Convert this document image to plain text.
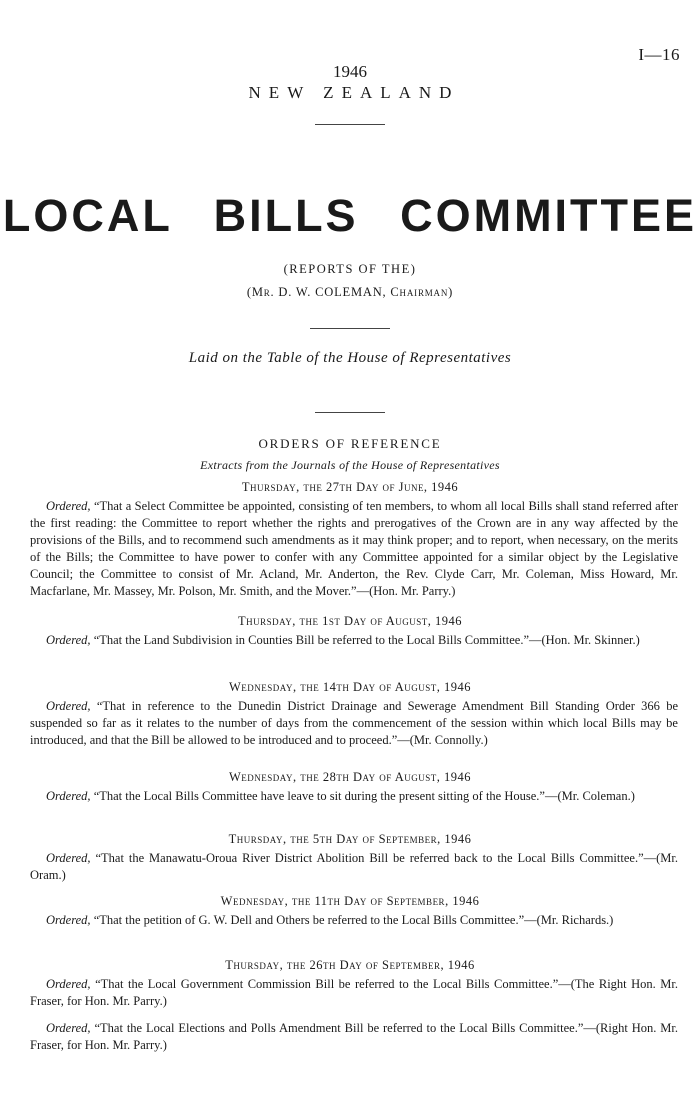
I—16
1946
NEW ZEALAND
LOCAL BILLS COMMITTEE
(REPORTS OF THE)
(Mr. D. W. COLEMAN, Chairman)
Laid on the Table of the House of Representatives
ORDERS OF REFERENCE
Extracts from the Journals of the House of Representatives
Thursday, the 27th Day of June, 1946

Ordered, “That a Select Committee be appointed, consisting of ten members, to whom all local Bills shall stand referred after the first reading: the Committee to report whether the rights and prerogatives of the Crown are in any way affected by the provisions of the Bills, and to recommend such amendments as it may think proper; and to report, when necessary, on the merits of the Bills; the Committee to have power to confer with any Committee appointed for a similar object by the Legislative Council; the Committee to consist of Mr. Acland, Mr. Anderton, the Rev. Clyde Carr, Mr. Coleman, Miss Howard, Mr. Macfarlane, Mr. Massey, Mr. Polson, Mr. Smith, and the Mover.”—(Hon. Mr. Parry.)

Thursday, the 1st Day of August, 1946

Ordered, “That the Land Subdivision in Counties Bill be referred to the Local Bills Committee.”—(Hon. Mr. Skinner.)

Wednesday, the 14th Day of August, 1946

Ordered, “That in reference to the Dunedin District Drainage and Sewerage Amendment Bill Standing Order 366 be suspended so far as it relates to the number of days from the commencement of the session within which local Bills may be introduced, and that the Bill be allowed to be introduced and to proceed.”—(Mr. Connolly.)

Wednesday, the 28th Day of August, 1946

Ordered, “That the Local Bills Committee have leave to sit during the present sitting of the House.”—(Mr. Coleman.)

Thursday, the 5th Day of September, 1946

Ordered, “That the Manawatu-Oroua River District Abolition Bill be referred back to the Local Bills Committee.”—(Mr. Oram.)

Wednesday, the 11th Day of September, 1946

Ordered, “That the petition of G. W. Dell and Others be referred to the Local Bills Committee.”—(Mr. Richards.)

Thursday, the 26th Day of September, 1946

Ordered, “That the Local Government Commission Bill be referred to the Local Bills Committee.”—(The Right Hon. Mr. Fraser, for Hon. Mr. Parry.)

Ordered, “That the Local Elections and Polls Amendment Bill be referred to the Local Bills Committee.”—(Right Hon. Mr. Fraser, for Hon. Mr. Parry.)
